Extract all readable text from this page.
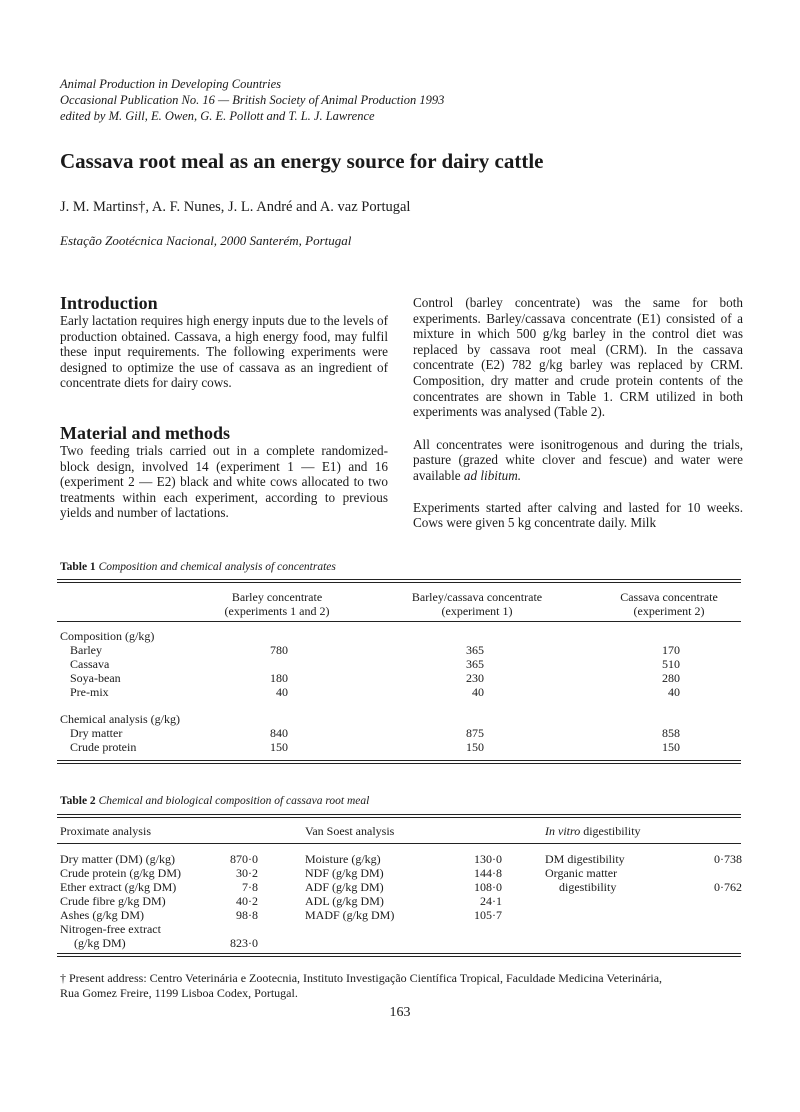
Animal Production in Developing Countries
Occasional Publication No. 16 — British Society of Animal Production 1993
edited by M. Gill, E. Owen, G. E. Pollott and T. L. J. Lawrence
Cassava root meal as an energy source for dairy cattle
J. M. Martins†, A. F. Nunes, J. L. André and A. vaz Portugal
Estação Zootécnica Nacional, 2000 Santerém, Portugal
Introduction

Early lactation requires high energy inputs due to the levels of production obtained. Cassava, a high energy food, may fulfil these input requirements. The following experiments were designed to optimize the use of cassava as an ingredient of concentrate diets for dairy cows.

Material and methods

Two feeding trials carried out in a complete randomized-block design, involved 14 (experiment 1 — E1) and 16 (experiment 2 — E2) black and white cows allocated to two treatments within each experiment, according to previous yields and number of lactations.

Control (barley concentrate) was the same for both experiments. Barley/cassava concentrate (E1) consisted of a mixture in which 500 g/kg barley in the control diet was replaced by cassava root meal (CRM). In the cassava concentrate (E2) 782 g/kg barley was replaced by CRM. Composition, dry matter and crude protein contents of the concentrates are shown in Table 1. CRM utilized in both experiments was analysed (Table 2).

All concentrates were isonitrogenous and during the trials, pasture (grazed white clover and fescue) and water were available ad libitum.

Experiments started after calving and lasted for 10 weeks. Cows were given 5 kg concentrate daily. Milk

Table 1 Composition and chemical analysis of concentrates
Barley concentrate
(experiments 1 and 2)
Barley/cassava concentrate
(experiment 1)
Cassava concentrate
(experiment 2)
Composition (g/kg)
Barley
Cassava
Soya-bean
Pre-mix
780
180
40
365
365
230
40
170
510
280
40
Chemical analysis (g/kg)
Dry matter
Crude protein
840
150
875
150
858
150
Table 2 Chemical and biological composition of cassava root meal
Proximate analysis	Van Soest analysis	In vitro digestibility
Dry matter (DM) (g/kg)
Crude protein (g/kg DM)
Ether extract (g/kg DM)
Crude fibre g/kg DM)
Ashes (g/kg DM)
Nitrogen-free extract
(g/kg DM)
870·0
30·2
7·8
40·2
98·8
823·0
Moisture (g/kg)
NDF (g/kg DM)
ADF (g/kg DM)
ADL (g/kg DM)
MADF (g/kg DM)
130·0
144·8
108·0
24·1
105·7
DM digestibility
Organic matter
digestibility
0·738
0·762
† Present address: Centro Veterinária e Zootecnia, Instituto Investigação Científica Tropical, Faculdade Medicina Veterinária,
Rua Gomez Freire, 1199 Lisboa Codex, Portugal.
163
